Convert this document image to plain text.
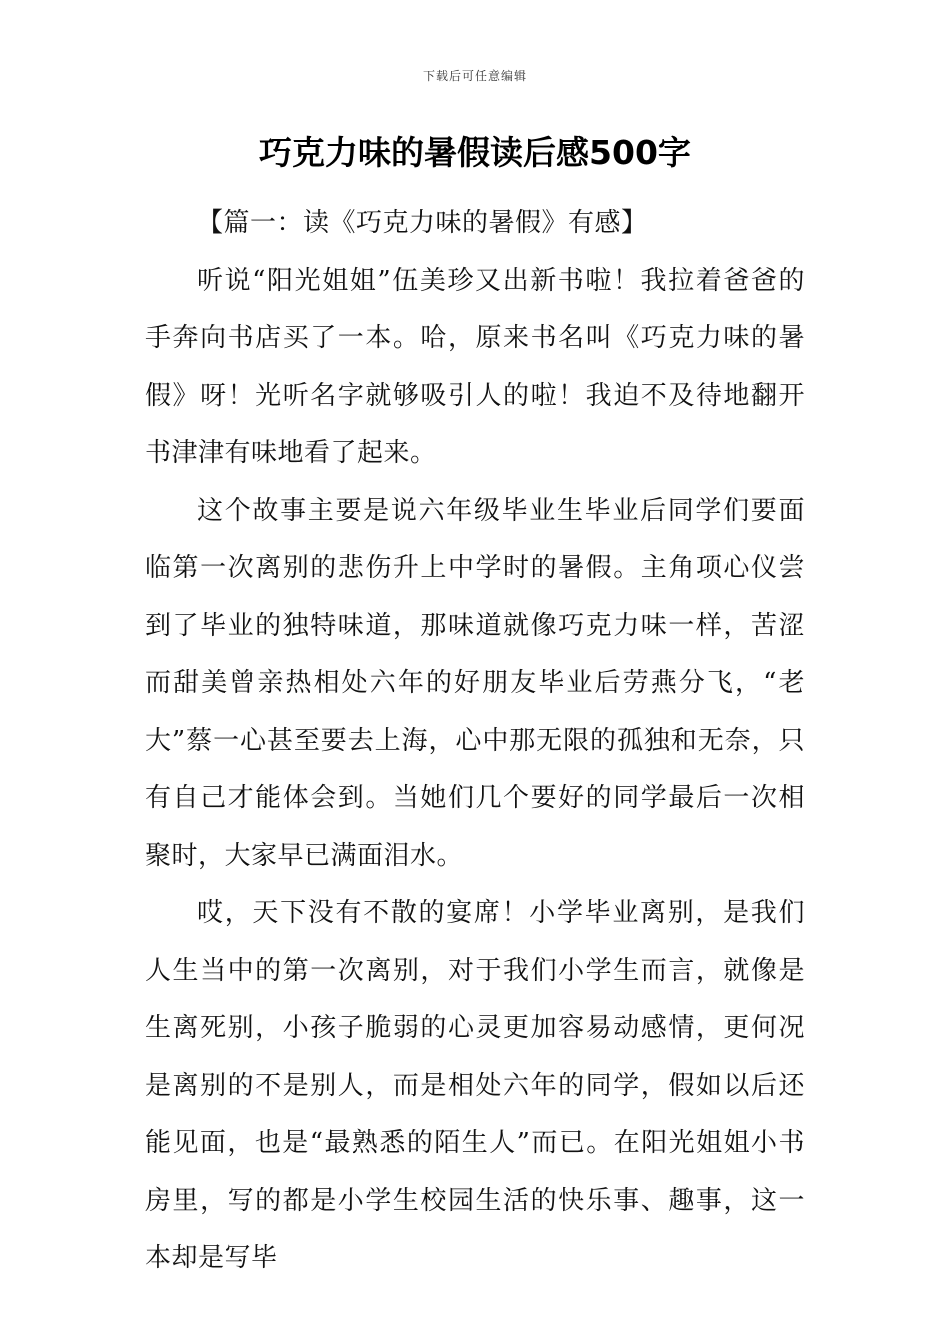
下载后可任意编辑
巧克力味的暑假读后感500字

【篇一：读《巧克力味的暑假》有感】

听说“阳光姐姐”伍美珍又出新书啦！我拉着爸爸的手奔向书店买了一本。哈，原来书名叫《巧克力味的暑假》呀！光听名字就够吸引人的啦！我迫不及待地翻开书津津有味地看了起来。

这个故事主要是说六年级毕业生毕业后同学们要面临第一次离别的悲伤升上中学时的暑假。主角项心仪尝到了毕业的独特味道，那味道就像巧克力味一样，苦涩而甜美曾亲热相处六年的好朋友毕业后劳燕分飞，“老大”蔡一心甚至要去上海，心中那无限的孤独和无奈，只有自己才能体会到。当她们几个要好的同学最后一次相聚时，大家早已满面泪水。

哎，天下没有不散的宴席！小学毕业离别，是我们人生当中的第一次离别，对于我们小学生而言，就像是生离死别，小孩子脆弱的心灵更加容易动感情，更何况是离别的不是别人，而是相处六年的同学，假如以后还能见面，也是“最熟悉的陌生人”而已。在阳光姐姐小书房里，写的都是小学生校园生活的快乐事、趣事，这一本却是写毕
